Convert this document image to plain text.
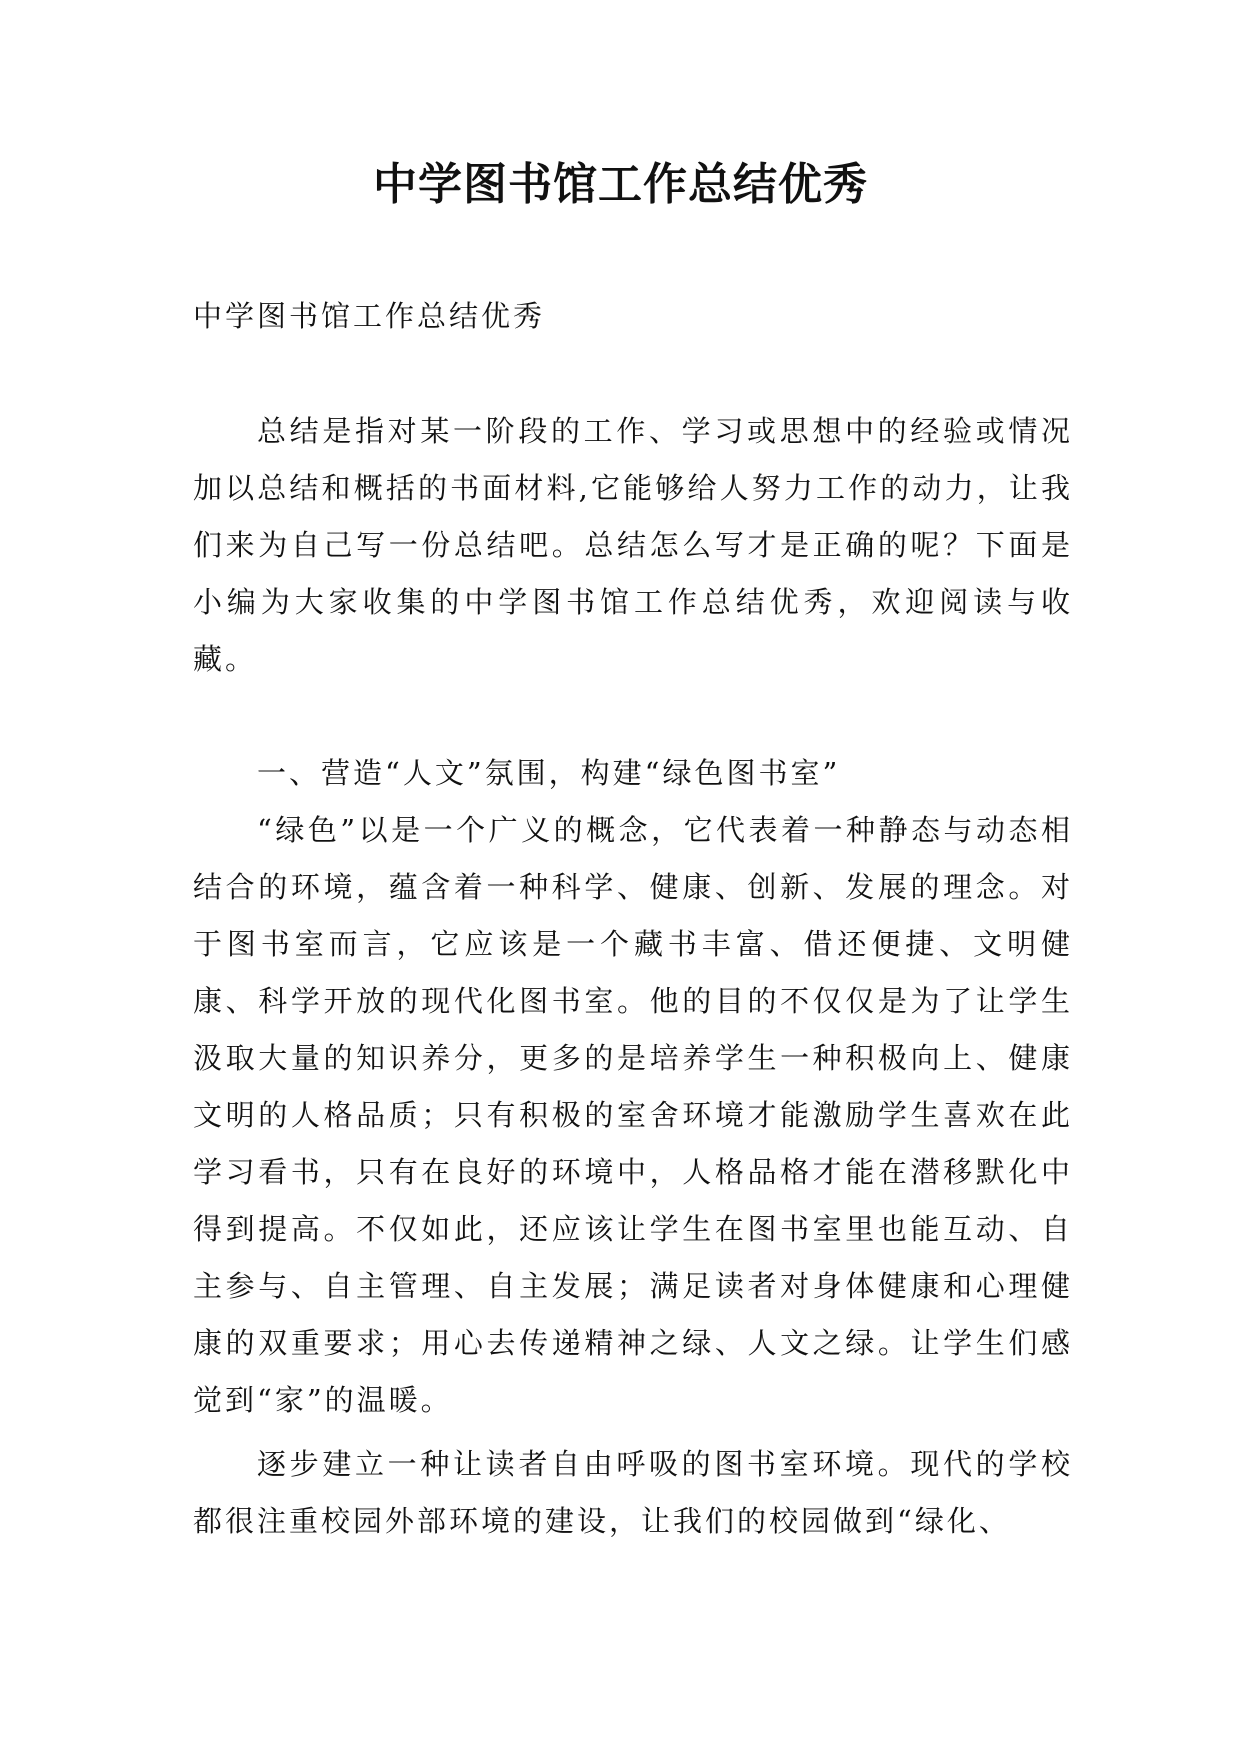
中学图书馆工作总结优秀

中学图书馆工作总结优秀

总结是指对某一阶段的工作、学习或思想中的经验或情况加以总结和概括的书面材料,它能够给人努力工作的动力，让我们来为自己写一份总结吧。总结怎么写才是正确的呢？下面是小编为大家收集的中学图书馆工作总结优秀，欢迎阅读与收藏。

一、营造“人文”氛围，构建“绿色图书室”

“绿色”以是一个广义的概念，它代表着一种静态与动态相结合的环境，蕴含着一种科学、健康、创新、发展的理念。对于图书室而言，它应该是一个藏书丰富、借还便捷、文明健康、科学开放的现代化图书室。他的目的不仅仅是为了让学生汲取大量的知识养分，更多的是培养学生一种积极向上、健康文明的人格品质；只有积极的室舍环境才能激励学生喜欢在此学习看书，只有在良好的环境中，人格品格才能在潜移默化中得到提高。不仅如此，还应该让学生在图书室里也能互动、自主参与、自主管理、自主发展；满足读者对身体健康和心理健康的双重要求；用心去传递精神之绿、人文之绿。让学生们感觉到“家”的温暖。

逐步建立一种让读者自由呼吸的图书室环境。现代的学校都很注重校园外部环境的建设，让我们的校园做到“绿化、
